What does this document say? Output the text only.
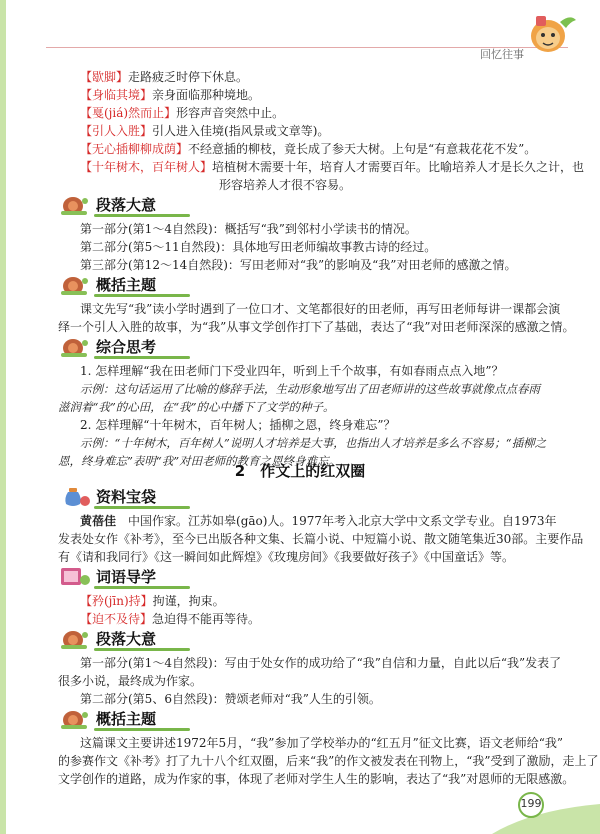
回忆往事
【歇脚】走路疲乏时停下休息。
【身临其境】亲身面临那种境地。
【戛(jiá)然而止】形容声音突然中止。
【引人入胜】引人进入佳境(指风景或文章等)。
【无心插柳柳成荫】不经意插的柳枝，竟长成了参天大树。上句是“有意栽花花不发”。
【十年树木，百年树人】培植树木需要十年，培育人才需要百年。比喻培养人才是长久之计，也
形容培养人才很不容易。
段落大意
第一部分(第1～4自然段)：概括写“我”到邻村小学读书的情况。
第二部分(第5～11自然段)：具体地写田老师编故事教古诗的经过。
第三部分(第12～14自然段)：写田老师对“我”的影响及“我”对田老师的感激之情。
概括主题
课文先写“我”读小学时遇到了一位口才、文笔都很好的田老师，再写田老师每讲一课都会演
绎一个引人入胜的故事，为“我”从事文学创作打下了基础，表达了“我”对田老师深深的感激之情。
综合思考
1. 怎样理解“我在田老师门下受业四年，听到上千个故事，有如春雨点点入地”？
示例：这句话运用了比喻的修辞手法，生动形象地写出了田老师讲的这些故事就像点点春雨
滋润着“我”的心田，在“我”的心中播下了文学的种子。
2. 怎样理解“十年树木，百年树人；插柳之恩，终身难忘”？
示例：“十年树木，百年树人”说明人才培养是大事，也指出人才培养是多么不容易；“插柳之
恩，终身难忘”表明“我”对田老师的教育之恩终身难忘。
2　作文上的红双圈
资料宝袋
黄蓓佳　 中国作家。江苏如皋(gāo)人。1977年考入北京大学中文系文学专业。自1973年
发表处女作《补考》，至今已出版各种文集、长篇小说、中短篇小说、散文随笔集近30部。主要作品
有《请和我同行》《这一瞬间如此辉煌》《玫瑰房间》《我要做好孩子》《中国童话》等。
词语导学
【矜(jīn)持】拘谨，拘束。
【迫不及待】急迫得不能再等待。
段落大意
第一部分(第1～4自然段)：写由于处女作的成功给了“我”自信和力量，自此以后“我”发表了
很多小说，最终成为作家。
第二部分(第5、6自然段)：赞颂老师对“我”人生的引领。
概括主题
这篇课文主要讲述1972年5月，“我”参加了学校举办的“红五月”征文比赛，语文老师给“我”
的参赛作文《补考》打了九十八个红双圈，后来“我”的作文被发表在刊物上，“我”受到了激励，走上了
文学创作的道路，成为作家的事，体现了老师对学生人生的影响，表达了“我”对恩师的无限感激。
199
